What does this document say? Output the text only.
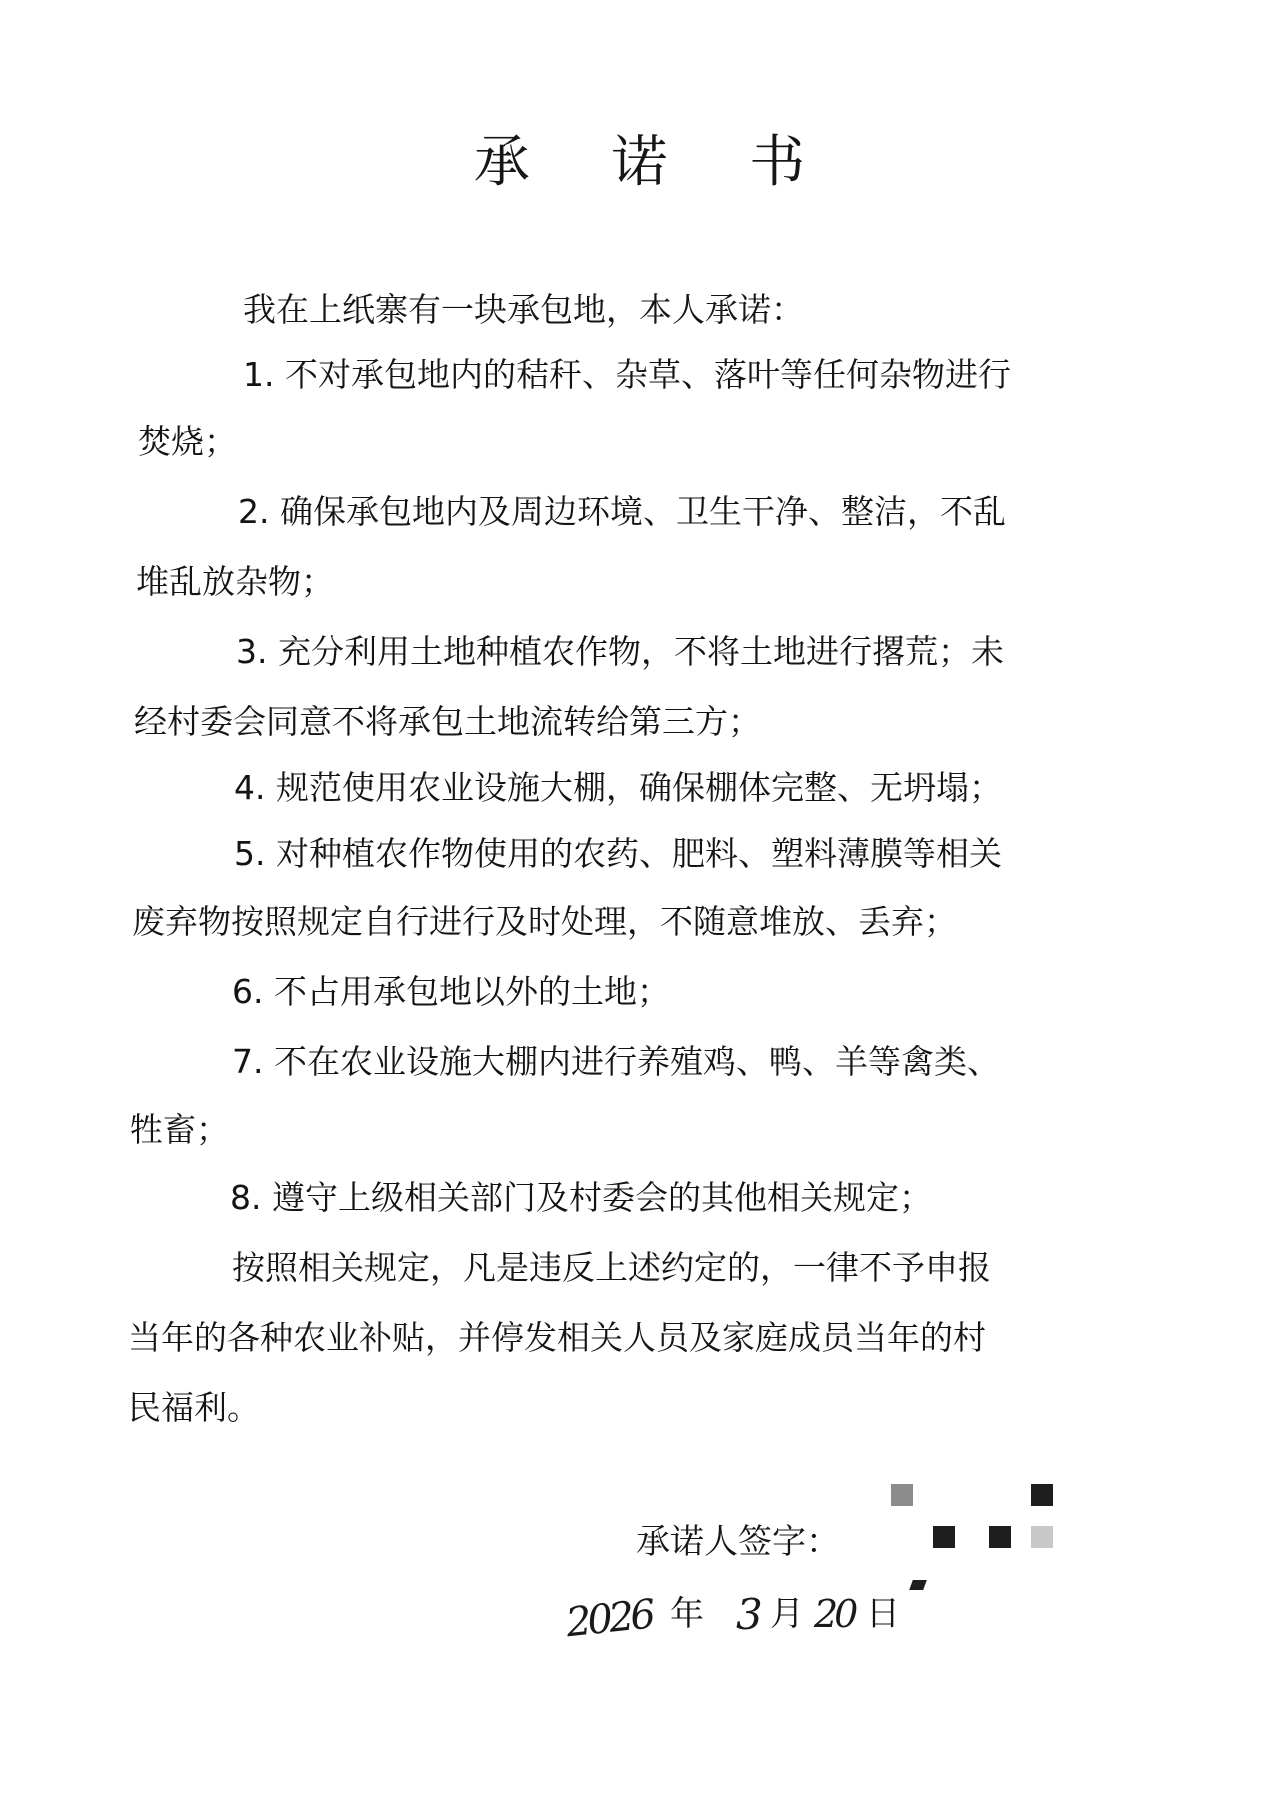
承 诺 书
我在上纸寨有一块承包地，本人承诺：
1. 不对承包地内的秸秆、杂草、落叶等任何杂物进行
焚烧；
2. 确保承包地内及周边环境、卫生干净、整洁，不乱
堆乱放杂物；
3. 充分利用土地种植农作物，不将土地进行撂荒；未
经村委会同意不将承包土地流转给第三方；
4. 规范使用农业设施大棚，确保棚体完整、无坍塌；
5. 对种植农作物使用的农药、肥料、塑料薄膜等相关
废弃物按照规定自行进行及时处理，不随意堆放、丢弃；
6. 不占用承包地以外的土地；
7. 不在农业设施大棚内进行养殖鸡、鸭、羊等禽类、
牲畜；
8. 遵守上级相关部门及村委会的其他相关规定；
按照相关规定，凡是违反上述约定的，一律不予申报
当年的各种农业补贴，并停发相关人员及家庭成员当年的村
民福利。
承诺人签字：
2026 年 3 月 20 日
